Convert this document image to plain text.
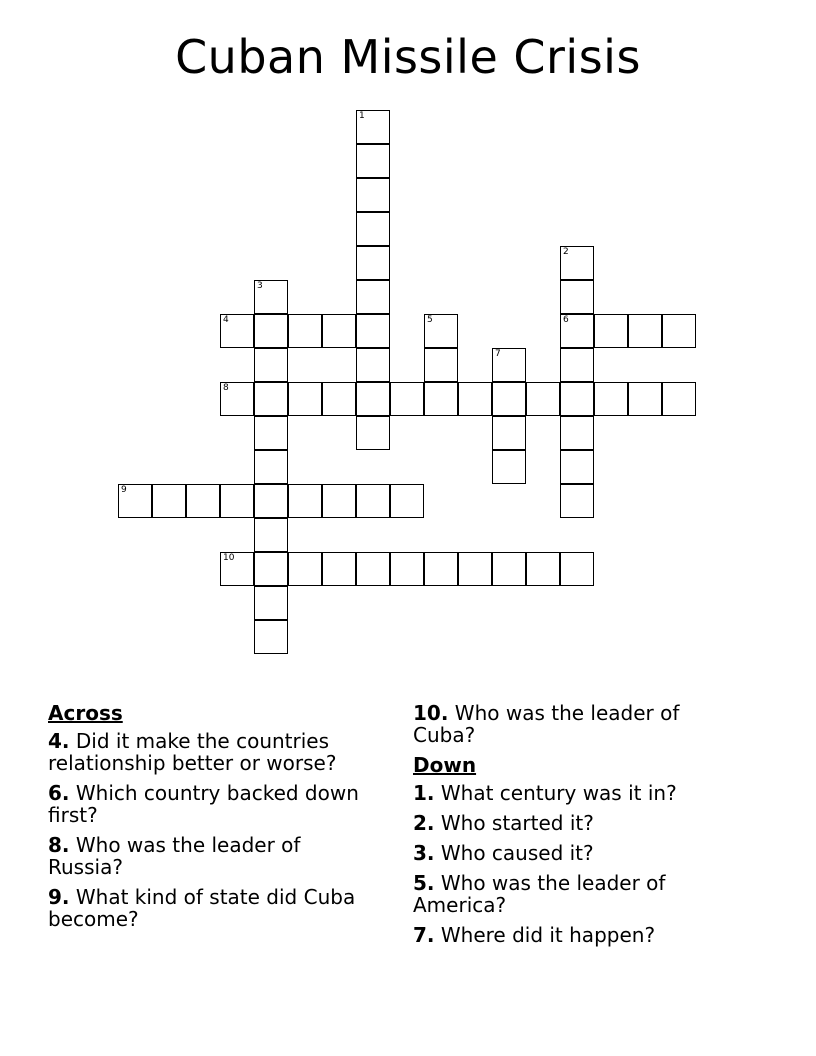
Cuban Missile Crisis
1
2
6
3
4	5
7
8
9
10
Across
4. Did it make the countries relationship better or worse?
6. Which country backed down first?
8. Who was the leader of Russia?
9. What kind of state did Cuba become?
10. Who was the leader of Cuba?
Down
1. What century was it in?
2. Who started it?
3. Who caused it?
5. Who was the leader of America?
7. Where did it happen?
